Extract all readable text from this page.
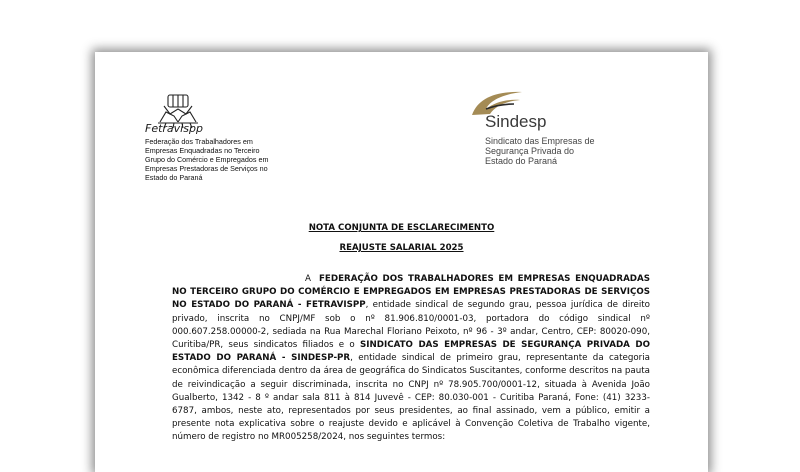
Fetravispp
Federação dos Trabalhadores em
Empresas Enquadradas no Terceiro
Grupo do Comércio e Empregados em
Empresas Prestadoras de Serviços no
Estado do Paraná
Sindesp
Sindicato das Empresas de
Segurança Privada do
Estado do Paraná
NOTA CONJUNTA DE ESCLARECIMENTO
REAJUSTE SALARIAL 2025
A FEDERAÇÃO DOS TRABALHADORES EM EMPRESAS ENQUADRADAS NO TERCEIRO GRUPO DO COMÉRCIO E EMPREGADOS EM EMPRESAS PRESTADORAS DE SERVIÇOS NO ESTADO DO PARANÁ - FETRAVISPP, entidade sindical de segundo grau, pessoa jurídica de direito privado, inscrita no CNPJ/MF sob o nº 81.906.810/0001-03, portadora do código sindical nº 000.607.258.00000-2, sediada na Rua Marechal Floriano Peixoto, nº 96 - 3º andar, Centro, CEP: 80020-090, Curitiba/PR, seus sindicatos filiados e o SINDICATO DAS EMPRESAS DE SEGURANÇA PRIVADA DO ESTADO DO PARANÁ - SINDESP-PR, entidade sindical de primeiro grau, representante da categoria econômica diferenciada dentro da área de geográfica do Sindicatos Suscitantes, conforme descritos na pauta de reivindicação a seguir discriminada, inscrita no CNPJ nº 78.905.700/0001-12, situada à Avenida João Gualberto, 1342 - 8 º andar sala 811 à 814 Juvevê - CEP: 80.030-001 - Curitiba Paraná, Fone: (41) 3233-6787, ambos, neste ato, representados por seus presidentes, ao final assinado, vem a público, emitir a presente nota explicativa sobre o reajuste devido e aplicável à Convenção Coletiva de Trabalho vigente, número de registro no MR005258/2024, nos seguintes termos:
